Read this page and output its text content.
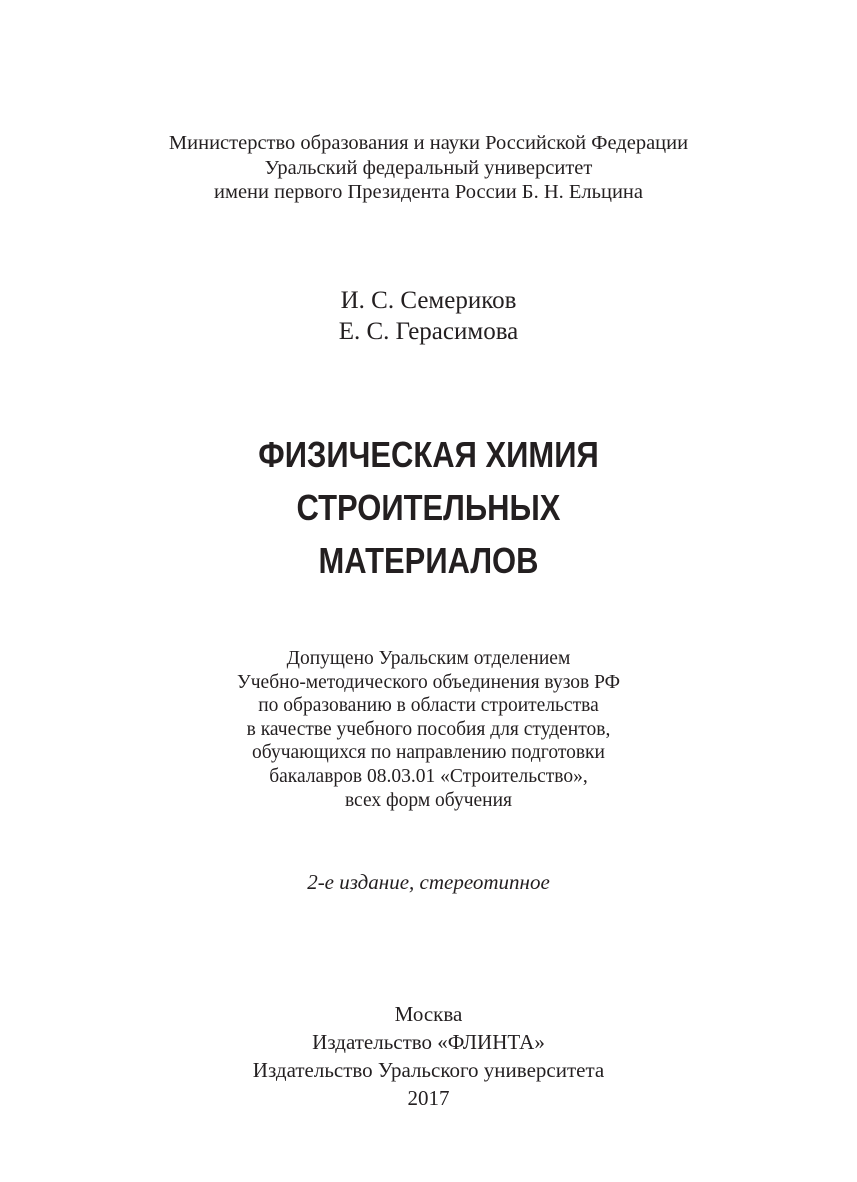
Министерство образования и науки Российской Федерации
Уральский федеральный университет
имени первого Президента России Б. Н. Ельцина
И. С. Семериков
Е. С. Герасимова
ФИЗИЧЕСКАЯ ХИМИЯ
СТРОИТЕЛЬНЫХ
МАТЕРИАЛОВ
Допущено Уральским отделением
Учебно-методического объединения вузов РФ
по образованию в области строительства
в качестве учебного пособия для студентов,
обучающихся по направлению подготовки
бакалавров 08.03.01 «Строительство»,
всех форм обучения
2-е издание, стереотипное
Москва
Издательство «ФЛИНТА»
Издательство Уральского университета
2017
